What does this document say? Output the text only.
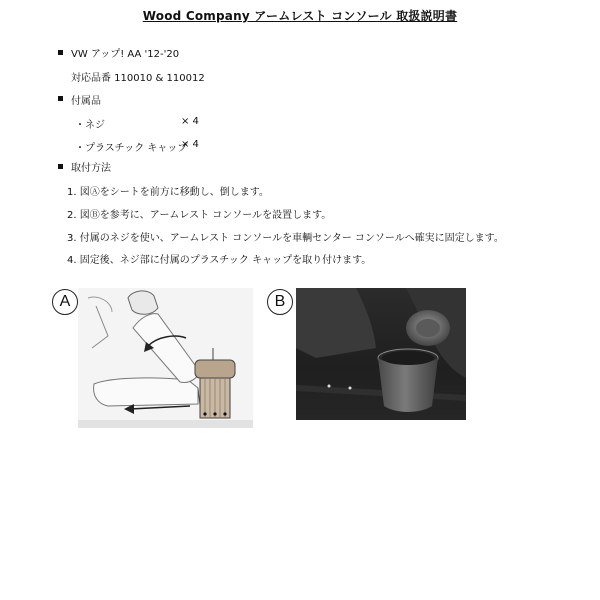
Wood Company アームレスト コンソール 取扱説明書
VW アップ! AA '12-'20
対応品番 110010 & 110012
付属品
・ネジ	× 4
・プラスチック キャップ
× 4
取付方法
1. 図Ⓐをシートを前方に移動し、倒します。
2. 図Ⓑを参考に、アームレスト コンソールを設置します。
3. 付属のネジを使い、アームレスト コンソールを車輌センター コンソールへ確実に固定します。
4. 固定後、ネジ部に付属のプラスチック キャップを取り付けます。
A	B
